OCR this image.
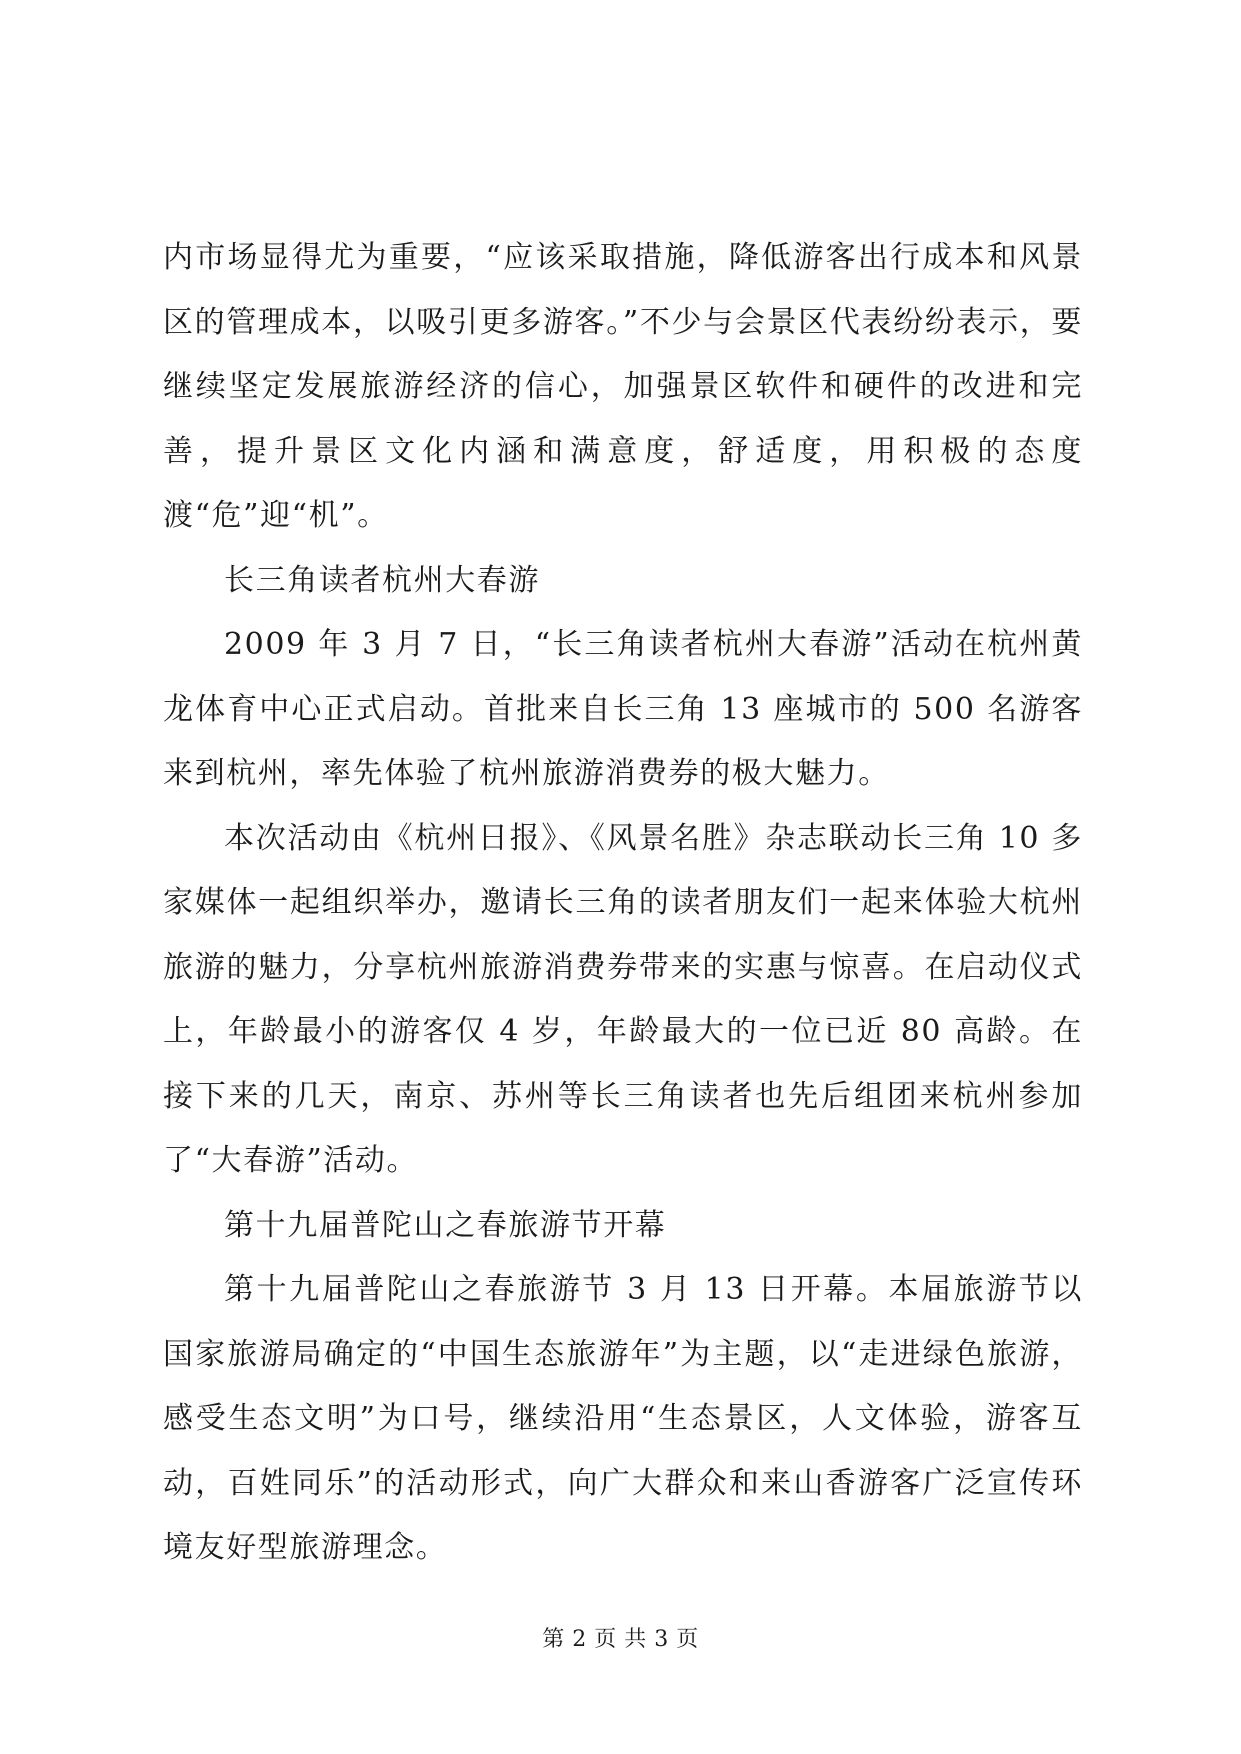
内市场显得尤为重要，“应该采取措施，降低游客出行成本和风景区的管理成本，以吸引更多游客。”不少与会景区代表纷纷表示，要继续坚定发展旅游经济的信心，加强景区软件和硬件的改进和完善，提升景区文化内涵和满意度，舒适度，用积极的态度渡“危”迎“机”。

长三角读者杭州大春游

2009 年 3 月 7 日，“长三角读者杭州大春游”活动在杭州黄龙体育中心正式启动。首批来自长三角 13 座城市的 500 名游客来到杭州，率先体验了杭州旅游消费券的极大魅力。

本次活动由《杭州日报》、《风景名胜》杂志联动长三角 10 多家媒体一起组织举办，邀请长三角的读者朋友们一起来体验大杭州旅游的魅力，分享杭州旅游消费券带来的实惠与惊喜。在启动仪式上，年龄最小的游客仅 4 岁，年龄最大的一位已近 80 高龄。在接下来的几天，南京、苏州等长三角读者也先后组团来杭州参加了“大春游”活动。

第十九届普陀山之春旅游节开幕

第十九届普陀山之春旅游节 3 月 13 日开幕。本届旅游节以国家旅游局确定的“中国生态旅游年”为主题，以“走进绿色旅游，感受生态文明”为口号，继续沿用“生态景区，人文体验，游客互动，百姓同乐”的活动形式，向广大群众和来山香游客广泛宣传环境友好型旅游理念。

第 2 页 共 3 页
